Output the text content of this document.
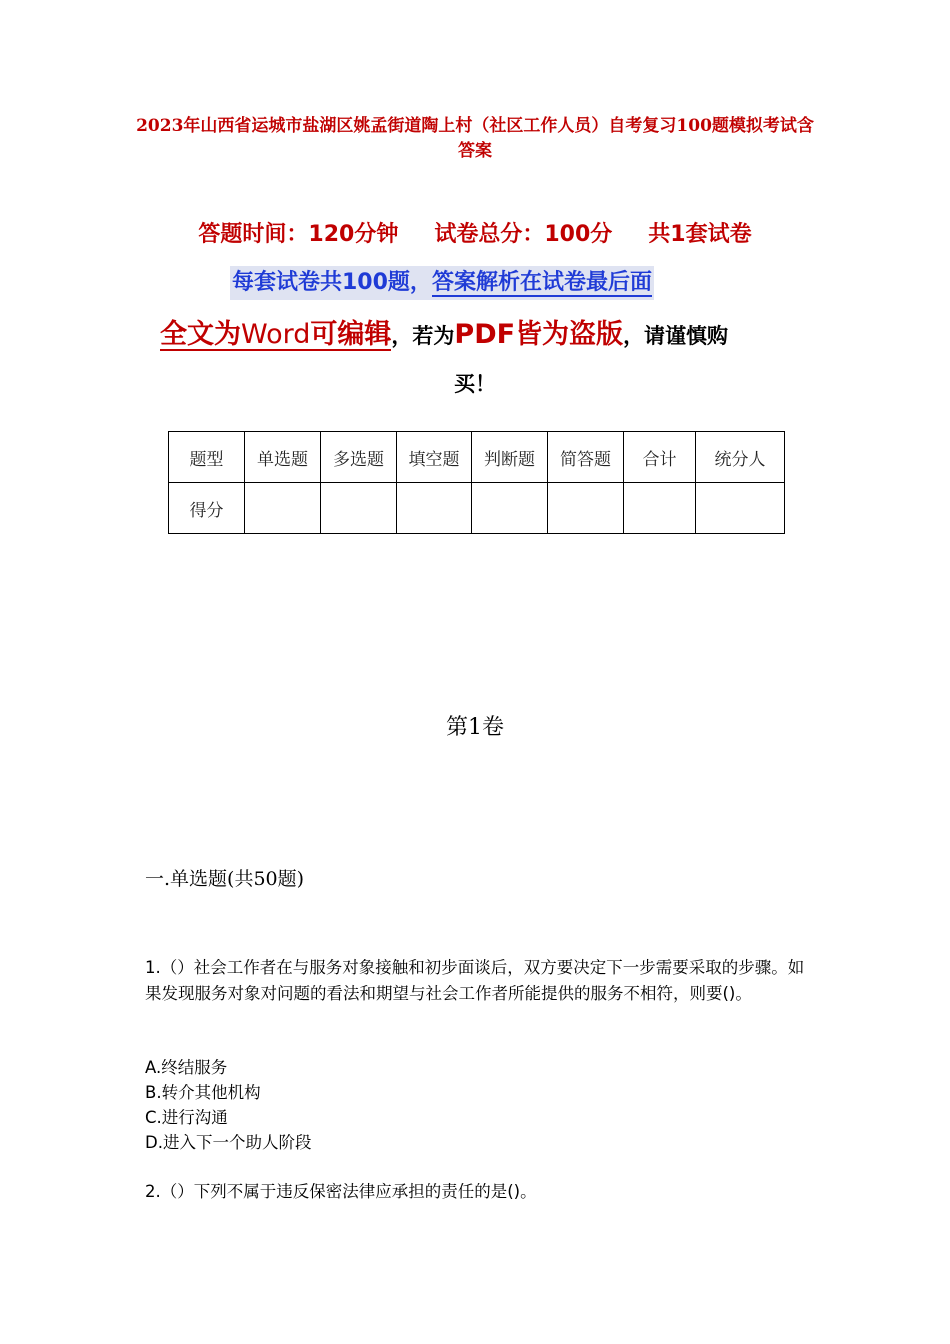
2023年山西省运城市盐湖区姚孟街道陶上村（社区工作人员）自考复习100题模拟考试含答案
答题时间：120分钟 试卷总分：100分 共1套试卷
每套试卷共100题，答案解析在试卷最后面
全文为Word可编辑，若为PDF皆为盗版，请谨慎购
买！
题型	单选题	多选题	填空题	判断题	简答题	合计	统分人
得分							
第1卷
一.单选题(共50题)
1.（）社会工作者在与服务对象接触和初步面谈后，双方要决定下一步需要采取的步骤。如果发现服务对象对问题的看法和期望与社会工作者所能提供的服务不相符，则要()。
A.终结服务
B.转介其他机构
C.进行沟通
D.进入下一个助人阶段
2.（）下列不属于违反保密法律应承担的责任的是()。
